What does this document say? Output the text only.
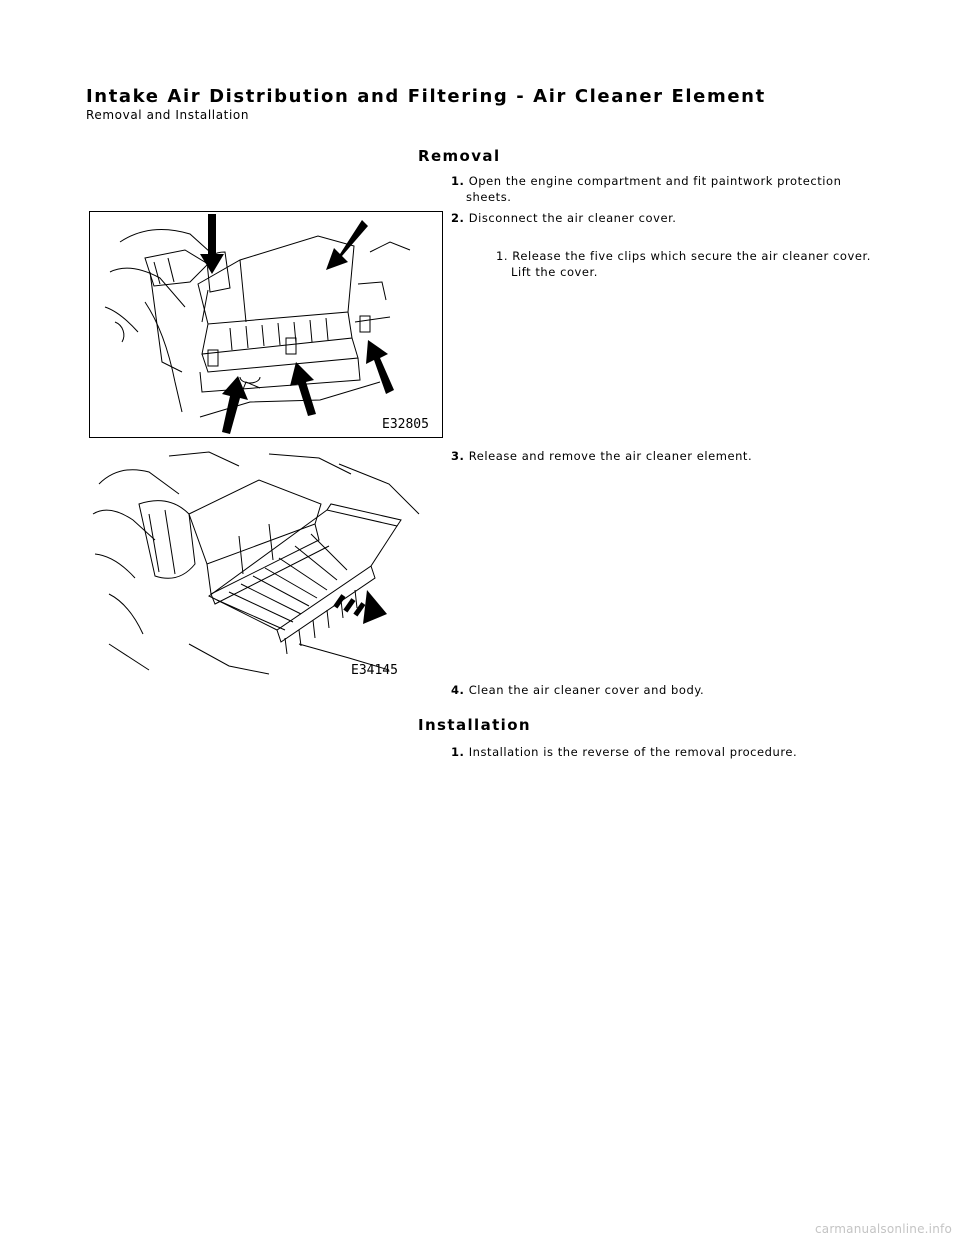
Intake Air Distribution and Filtering - Air Cleaner Element
Removal and Installation
Removal
1. Open the engine compartment and fit paintwork protection sheets.
2. Disconnect the air cleaner cover.
1. Release the five clips which secure the air cleaner cover. Lift the cover.
3. Release and remove the air cleaner element.
4. Clean the air cleaner cover and body.
Installation
1. Installation is the reverse of the removal procedure.
E32805
E34145
carmanualsonline.info
